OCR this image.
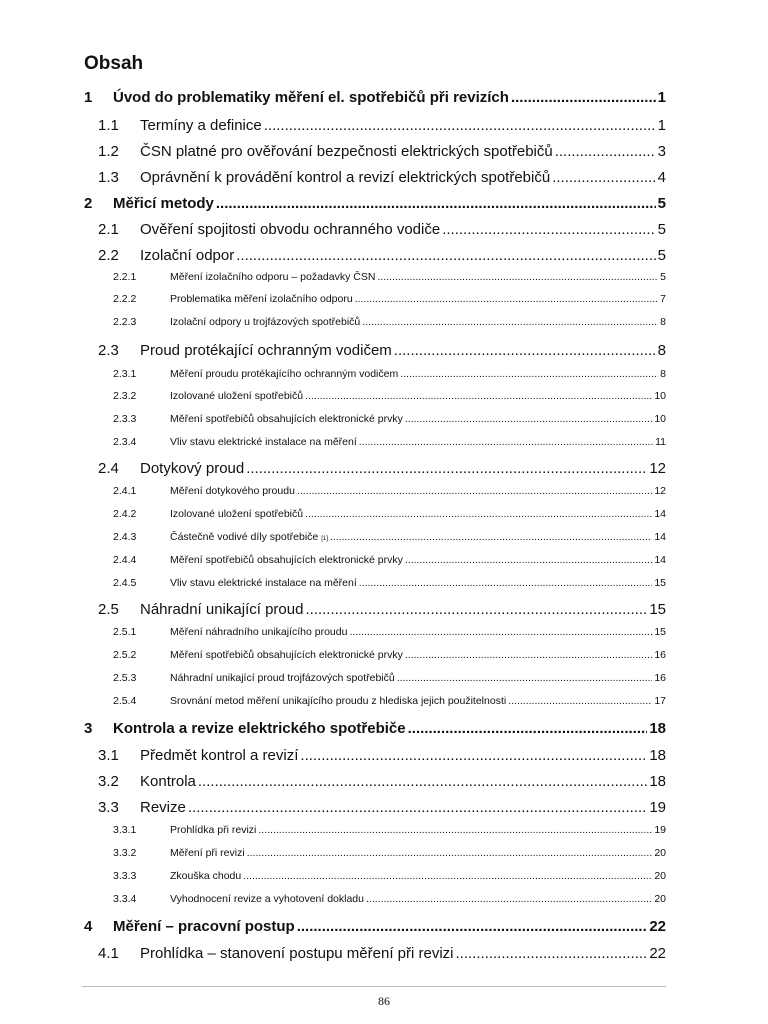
Obsah
1	Úvod do problematiky měření el. spotřebičů při revizích .....	1
1.1	Termíny a definice .....	1
1.2	ČSN platné pro ověřování bezpečnosti elektrických spotřebičů .....	3
1.3	Oprávnění k provádění kontrol a revizí elektrických spotřebičů .....	4
2	Měřicí metody .....	5
2.1	Ověření spojitosti obvodu ochranného vodiče .....	5
2.2	Izolační odpor .....	5
2.2.1	Měření izolačního odporu – požadavky ČSN .....	5
2.2.2	Problematika měření izolačního odporu .....	7
2.2.3	Izolační odpory u trojfázových spotřebičů .....	8
2.3	Proud protékající ochranným vodičem .....	8
2.3.1	Měření proudu protékajícího ochranným vodičem .....	8
2.3.2	Izolované uložení spotřebičů .....	10
2.3.3	Měření spotřebičů obsahujících elektronické prvky .....	10
2.3.4	Vliv stavu elektrické instalace na měření .....	11
2.4	Dotykový proud .....	12
2.4.1	Měření dotykového proudu .....	12
2.4.2	Izolované uložení spotřebičů .....	14
2.4.3	Částečně vodivé díly spotřebiče [1] .....	14
2.4.4	Měření spotřebičů obsahujících elektronické prvky .....	14
2.4.5	Vliv stavu elektrické instalace na měření .....	15
2.5	Náhradní unikající proud .....	15
2.5.1	Měření náhradního unikajícího proudu .....	15
2.5.2	Měření spotřebičů obsahujících elektronické prvky .....	16
2.5.3	Náhradní unikající proud trojfázových spotřebičů .....	16
2.5.4	Srovnání metod měření unikajícího proudu z hlediska jejich použitelnosti .....	17
3	Kontrola a revize elektrického spotřebiče .....	18
3.1	Předmět kontrol a revizí .....	18
3.2	Kontrola .....	18
3.3	Revize .....	19
3.3.1	Prohlídka při revizi .....	19
3.3.2	Měření při revizi .....	20
3.3.3	Zkouška chodu .....	20
3.3.4	Vyhodnocení revize a vyhotovení dokladu .....	20
4	Měření – pracovní postup .....	22
4.1	Prohlídka – stanovení postupu měření při revizi .....	22
86
